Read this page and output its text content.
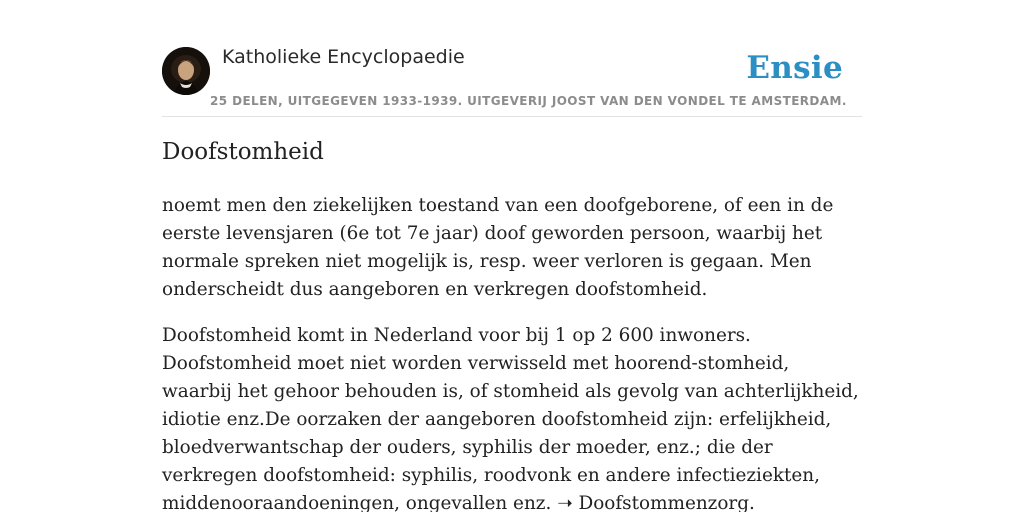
Katholieke Encyclopaedie
25 DELEN, UITGEGEVEN 1933-1939. UITGEVERIJ JOOST VAN DEN VONDEL TE AMSTERDAM.
Ensie
Doofstomheid

noemt men den ziekelijken toestand van een doofgeborene, of een in de eerste levensjaren (6e tot 7e jaar) doof geworden persoon, waarbij het normale spreken niet mogelijk is, resp. weer verloren is gegaan. Men onderscheidt dus aangeboren en verkregen doofstomheid.

Doofstomheid komt in Nederland voor bij 1 op 2 600 inwoners. Doofstomheid moet niet worden verwisseld met hoorend-stomheid, waarbij het gehoor behouden is, of stomheid als gevolg van achterlijkheid, idiotie enz.De oorzaken der aangeboren doofstomheid zijn: erfelijkheid, bloedverwantschap der ouders, syphilis der moeder, enz.; die der verkregen doofstomheid: syphilis, roodvonk en andere infectieziekten, middenooraandoeningen, ongevallen enz. ➝ Doofstommenzorg.
